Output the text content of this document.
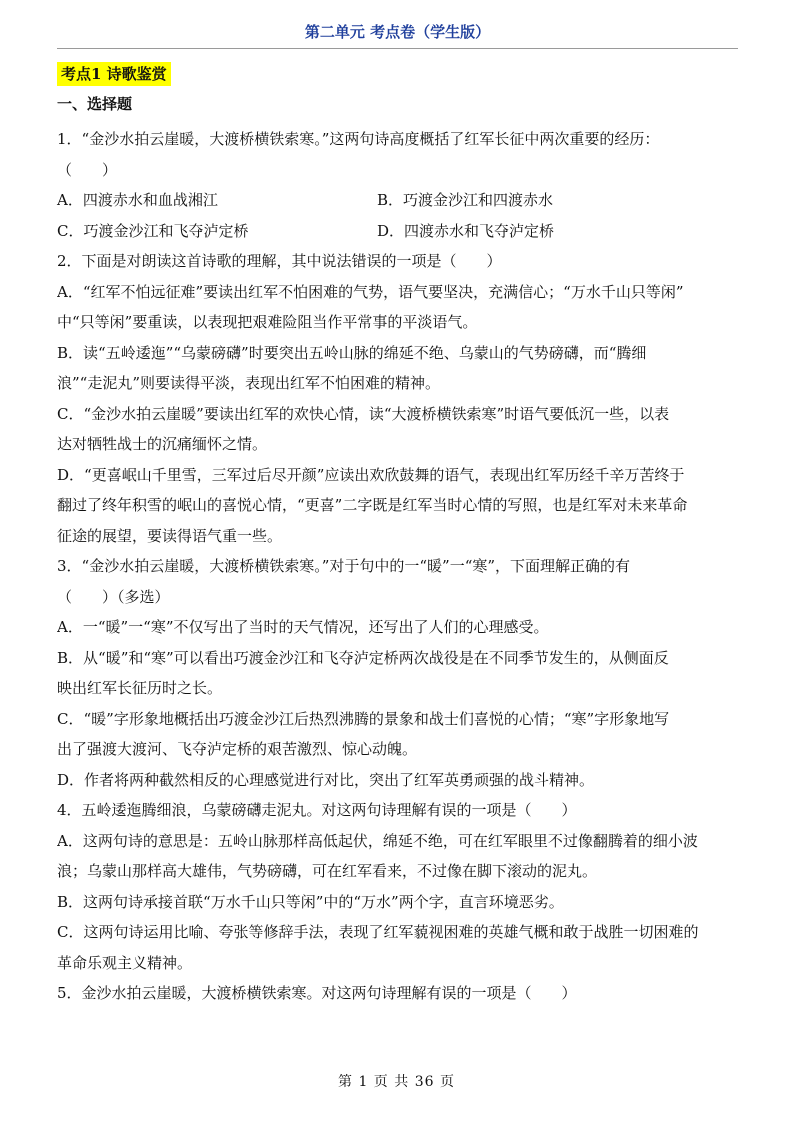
第二单元 考点卷（学生版）
考点1 诗歌鉴赏
一、选择题
1．“金沙水拍云崖暖，大渡桥横铁索寒。”这两句诗高度概括了红军长征中两次重要的经历：
（　　）
A．四渡赤水和血战湘江	B．巧渡金沙江和四渡赤水
C．巧渡金沙江和飞夺泸定桥	D．四渡赤水和飞夺泸定桥
2．下面是对朗读这首诗歌的理解，其中说法错误的一项是（　　）
A．“红军不怕远征难”要读出红军不怕困难的气势，语气要坚决，充满信心；“万水千山只等闲”
中“只等闲”要重读，以表现把艰难险阻当作平常事的平淡语气。
B．读“五岭逶迤”“乌蒙磅礴”时要突出五岭山脉的绵延不绝、乌蒙山的气势磅礴，而“腾细
浪”“走泥丸”则要读得平淡，表现出红军不怕困难的精神。
C．“金沙水拍云崖暖”要读出红军的欢快心情，读“大渡桥横铁索寒”时语气要低沉一些，以表
达对牺牲战士的沉痛缅怀之情。
D．“更喜岷山千里雪，三军过后尽开颜”应读出欢欣鼓舞的语气，表现出红军历经千辛万苦终于
翻过了终年积雪的岷山的喜悦心情，“更喜”二字既是红军当时心情的写照，也是红军对未来革命
征途的展望，要读得语气重一些。
3．“金沙水拍云崖暖，大渡桥横铁索寒。”对于句中的一“暖”一“寒”，下面理解正确的有
（　　）（多选）
A．一“暖”一“寒”不仅写出了当时的天气情况，还写出了人们的心理感受。
B．从“暖”和“寒”可以看出巧渡金沙江和飞夺泸定桥两次战役是在不同季节发生的，从侧面反
映出红军长征历时之长。
C．“暖”字形象地概括出巧渡金沙江后热烈沸腾的景象和战士们喜悦的心情；“寒”字形象地写
出了强渡大渡河、飞夺泸定桥的艰苦激烈、惊心动魄。
D．作者将两种截然相反的心理感觉进行对比，突出了红军英勇顽强的战斗精神。
4．五岭逶迤腾细浪，乌蒙磅礴走泥丸。对这两句诗理解有误的一项是（　　）
A．这两句诗的意思是：五岭山脉那样高低起伏，绵延不绝，可在红军眼里不过像翻腾着的细小波
浪；乌蒙山那样高大雄伟，气势磅礴，可在红军看来，不过像在脚下滚动的泥丸。
B．这两句诗承接首联“万水千山只等闲”中的“万水”两个字，直言环境恶劣。
C．这两句诗运用比喻、夸张等修辞手法，表现了红军藐视困难的英雄气概和敢于战胜一切困难的
革命乐观主义精神。
5．金沙水拍云崖暖，大渡桥横铁索寒。对这两句诗理解有误的一项是（　　）
第 1 页 共 36 页
